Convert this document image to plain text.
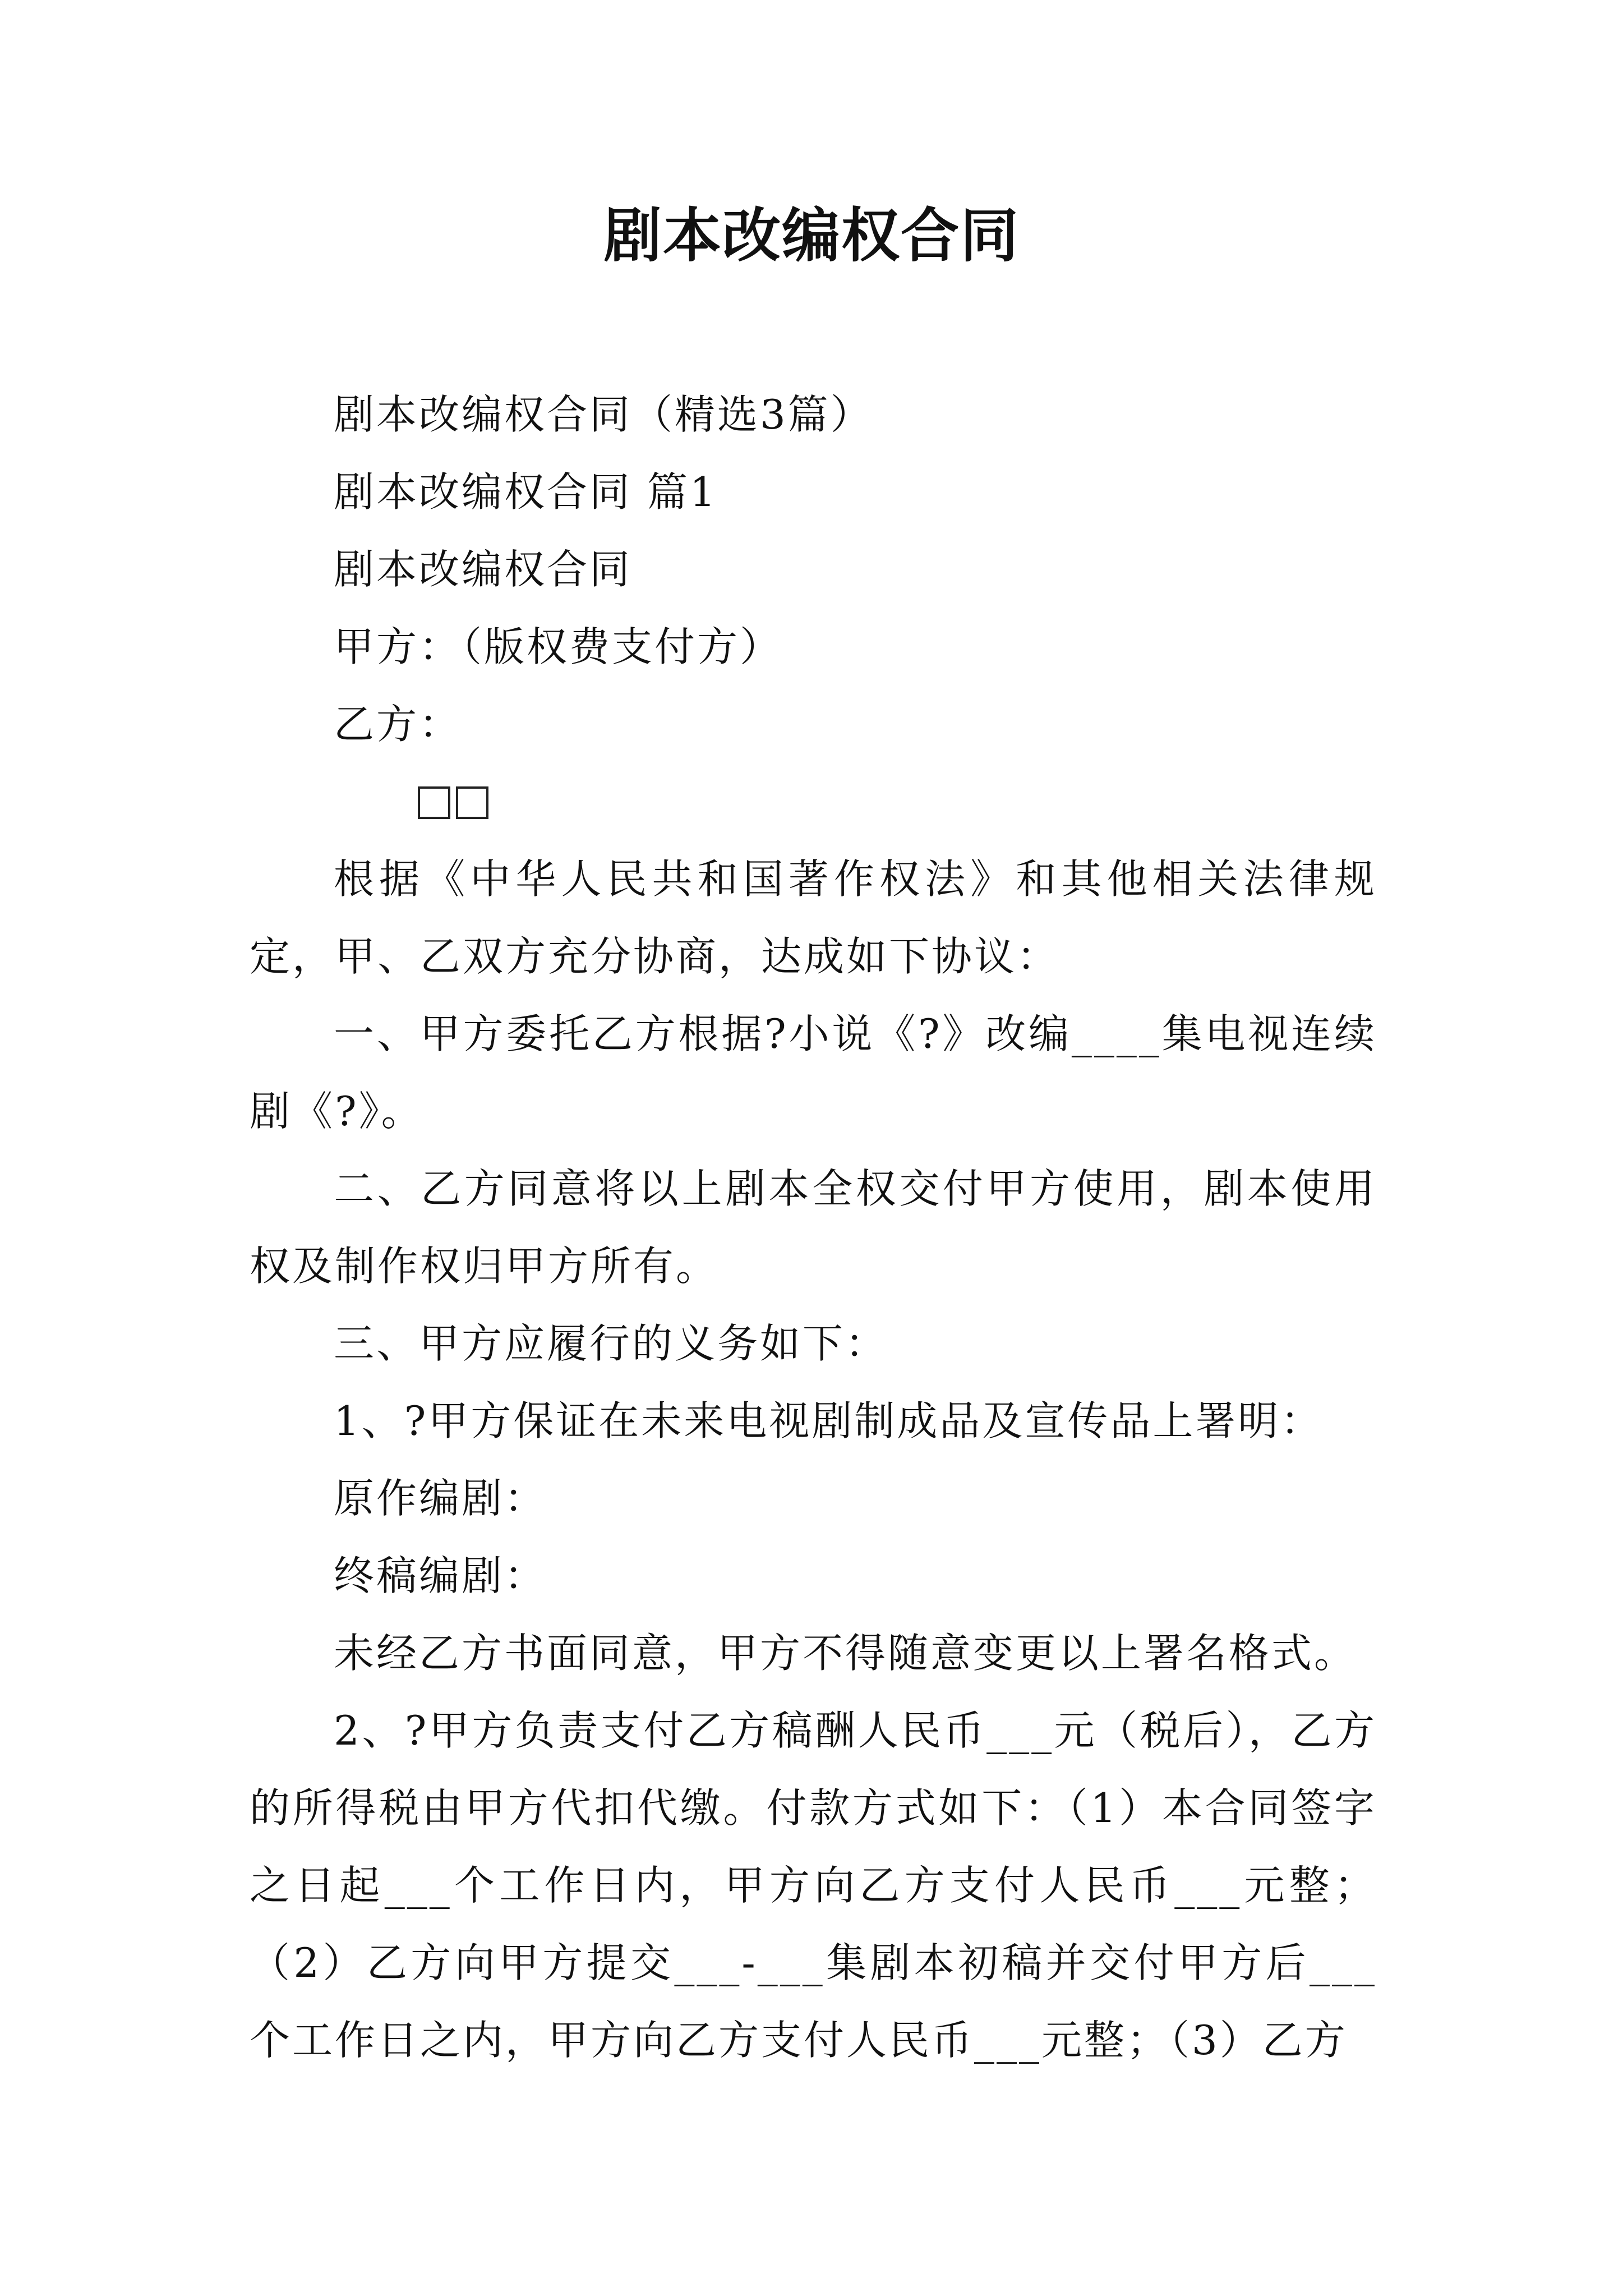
剧本改编权合同

剧本改编权合同（精选3篇）

剧本改编权合同 篇1

剧本改编权合同

甲方：（版权费支付方）

乙方：

根据《中华人民共和国著作权法》和其他相关法律规定，甲、乙双方充分协商，达成如下协议：

一、甲方委托乙方根据?小说《?》改编____集电视连续剧《?》。

二、乙方同意将以上剧本全权交付甲方使用，剧本使用权及制作权归甲方所有。

三、甲方应履行的义务如下：

1、?甲方保证在未来电视剧制成品及宣传品上署明：

原作编剧：

终稿编剧：

未经乙方书面同意，甲方不得随意变更以上署名格式。

2、?甲方负责支付乙方稿酬人民币___元（税后），乙方的所得税由甲方代扣代缴。付款方式如下：（1）本合同签字之日起___个工作日内，甲方向乙方支付人民币___元整；（2）乙方向甲方提交___-___集剧本初稿并交付甲方后___个工作日之内，甲方向乙方支付人民币___元整；（3）乙方
